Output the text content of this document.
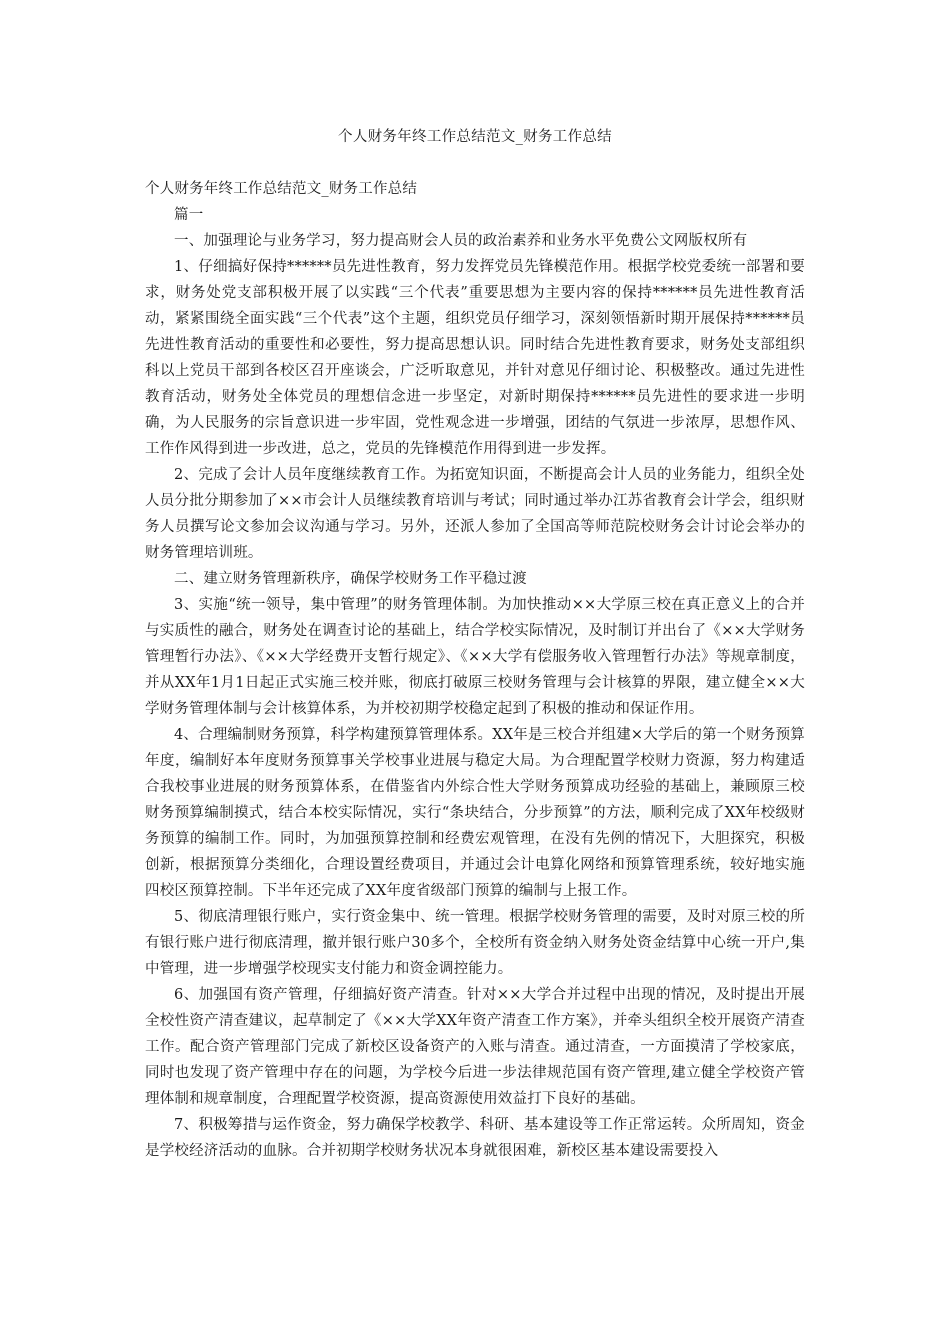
个人财务年终工作总结范文_财务工作总结

个人财务年终工作总结范文_财务工作总结

篇一

一、加强理论与业务学习，努力提高财会人员的政治素养和业务水平免费公文网版权所有

1、仔细搞好保持******员先进性教育，努力发挥党员先锋模范作用。根据学校党委统一部署和要求，财务处党支部积极开展了以实践“三个代表”重要思想为主要内容的保持******员先进性教育活动，紧紧围绕全面实践“三个代表”这个主题，组织党员仔细学习，深刻领悟新时期开展保持******员先进性教育活动的重要性和必要性，努力提高思想认识。同时结合先进性教育要求，财务处支部组织科以上党员干部到各校区召开座谈会，广泛听取意见，并针对意见仔细讨论、积极整改。通过先进性教育活动，财务处全体党员的理想信念进一步坚定，对新时期保持******员先进性的要求进一步明确，为人民服务的宗旨意识进一步牢固，党性观念进一步增强，团结的气氛进一步浓厚，思想作风、工作作风得到进一步改进，总之，党员的先锋模范作用得到进一步发挥。

2、完成了会计人员年度继续教育工作。为拓宽知识面，不断提高会计人员的业务能力，组织全处人员分批分期参加了××市会计人员继续教育培训与考试；同时通过举办江苏省教育会计学会，组织财务人员撰写论文参加会议沟通与学习。另外，还派人参加了全国高等师范院校财务会计讨论会举办的财务管理培训班。

二、建立财务管理新秩序，确保学校财务工作平稳过渡

3、实施“统一领导，集中管理”的财务管理体制。为加快推动××大学原三校在真正意义上的合并与实质性的融合，财务处在调查讨论的基础上，结合学校实际情况，及时制订并出台了《××大学财务管理暂行办法》、《××大学经费开支暂行规定》、《××大学有偿服务收入管理暂行办法》等规章制度，并从XX年1月1日起正式实施三校并账，彻底打破原三校财务管理与会计核算的界限，建立健全××大学财务管理体制与会计核算体系，为并校初期学校稳定起到了积极的推动和保证作用。

4、合理编制财务预算，科学构建预算管理体系。XX年是三校合并组建×大学后的第一个财务预算年度，编制好本年度财务预算事关学校事业进展与稳定大局。为合理配置学校财力资源，努力构建适合我校事业进展的财务预算体系，在借鉴省内外综合性大学财务预算成功经验的基础上，兼顾原三校财务预算编制摸式，结合本校实际情况，实行“条块结合，分步预算”的方法，顺利完成了XX年校级财务预算的编制工作。同时，为加强预算控制和经费宏观管理，在没有先例的情况下，大胆探究，积极创新，根据预算分类细化，合理设置经费项目，并通过会计电算化网络和预算管理系统，较好地实施四校区预算控制。下半年还完成了XX年度省级部门预算的编制与上报工作。

5、彻底清理银行账户，实行资金集中、统一管理。根据学校财务管理的需要，及时对原三校的所有银行账户进行彻底清理，撤并银行账户30多个，全校所有资金纳入财务处资金结算中心统一开户,集中管理，进一步增强学校现实支付能力和资金调控能力。

6、加强国有资产管理，仔细搞好资产清查。针对××大学合并过程中出现的情况，及时提出开展全校性资产清查建议，起草制定了《××大学XX年资产清查工作方案》，并牵头组织全校开展资产清查工作。配合资产管理部门完成了新校区设备资产的入账与清查。通过清查，一方面摸清了学校家底，同时也发现了资产管理中存在的问题，为学校今后进一步法律规范国有资产管理,建立健全学校资产管理体制和规章制度，合理配置学校资源，提高资源使用效益打下良好的基础。

7、积极筹措与运作资金，努力确保学校教学、科研、基本建设等工作正常运转。众所周知，资金是学校经济活动的血脉。合并初期学校财务状况本身就很困难，新校区基本建设需要投入
